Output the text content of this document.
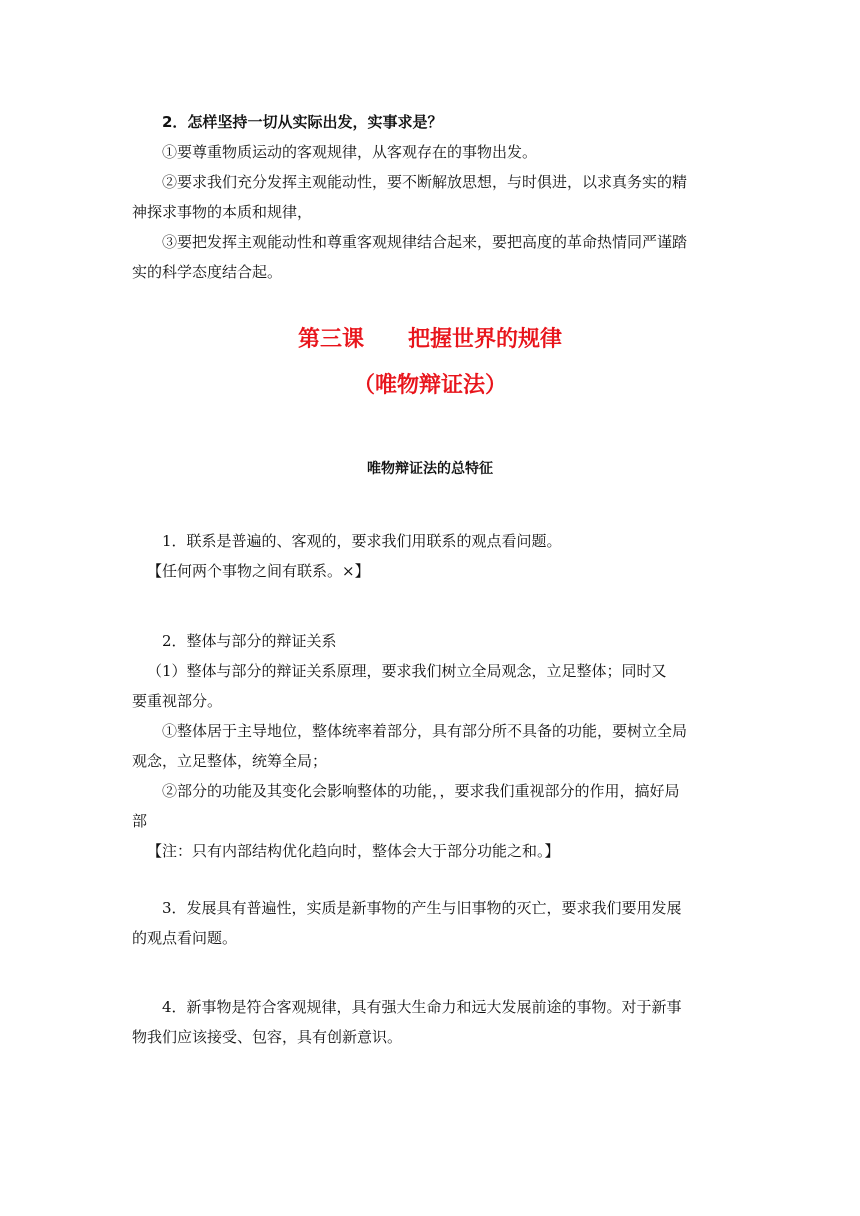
2．怎样坚持一切从实际出发，实事求是？
①要尊重物质运动的客观规律，从客观存在的事物出发。
②要求我们充分发挥主观能动性，要不断解放思想，与时俱进，以求真务实的精
神探求事物的本质和规律，
③要把发挥主观能动性和尊重客观规律结合起来，要把高度的革命热情同严谨踏
实的科学态度结合起。
第三课　　把握世界的规律
（唯物辩证法）
唯物辩证法的总特征
1．联系是普遍的、客观的，要求我们用联系的观点看问题。
【任何两个事物之间有联系。×】
2．整体与部分的辩证关系
（1）整体与部分的辩证关系原理，要求我们树立全局观念，立足整体；同时又
要重视部分。
①整体居于主导地位，整体统率着部分，具有部分所不具备的功能，要树立全局
观念，立足整体，统筹全局；
②部分的功能及其变化会影响整体的功能，，要求我们重视部分的作用，搞好局
部
【注：只有内部结构优化趋向时，整体会大于部分功能之和。】
3．发展具有普遍性，实质是新事物的产生与旧事物的灭亡，要求我们要用发展
的观点看问题。
4．新事物是符合客观规律，具有强大生命力和远大发展前途的事物。对于新事
物我们应该接受、包容，具有创新意识。
